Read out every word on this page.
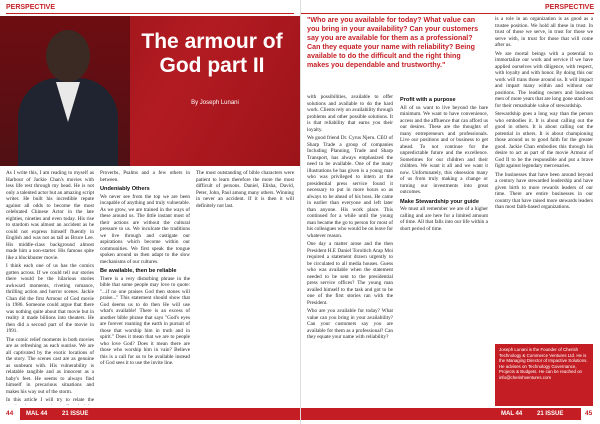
PERSPECTIVE
The armour of God part II
By Joseph Lunani

As I write this, I am reading to myself as Harbour of Jackie Chan's movies with less life rest through my head. He is not only a talented actor but an amazing script writer. He built his incredible repute against all odds to become the most celebrated Chinese Actor in the late eighties, nineties and even today. His rise to stardom was almost an accident as he could not express himself fluently in English and was not as tall as Bruce Lee. His middle-class background almost made him a non-starter. His famous spite like a blockbuster movie.

I think each one of us has the comics gotten across. If we could tell our stories there would be the hilarious stories awkward moments, riveting romance, thrilling action and horror scenes. Jackie Chan did the first Armour of God movie in 1986. Someone could argue that there was nothing quite about that movie but in reality it made billions into theaters. He then did a second part of the movie in 1991.

The comic relief moments in both movies are as refreshing as each sunrise. We are all captivated by the exotic locations of the story. The scenes cast are as genuine as sunbeam with. His vulnerability is relatable tangible and as innocent as a baby's feet. He seems to always find himself in precarious situations and makes his way out of the storm.

In this article I will try to relate the

Proverbs, Psalms and a few others in between.

Undeniably Others

We never see from the top we are been incapable of anything and truly vulnerable. As we grow, we are trained in the ways of these around us. The little instant most of their actions are without the cultural pressure to us. We inculcate the traditions we live through and castigate our aspirations which become within our communities. We first speak the tongue spoken around us then adapt to the slow mechanisms of our cultures.

Be available, then be reliable

There is a very disturbing phrase in the bible that some people may love to quote: "...if no one praises God then stones will praise..." This statement should show that God deems us to do then He will use what's available! There is an excess of another bible phrase that says "God's eyes are forever roaming the earth in pursuit of those that worship him in truth and in spirit." Does it mean that we are to people who love God? Does it mean there are those who worship him in vain? Believe this is a call for us to be available instead of God sees it to use the invite line.

The most outstanding of bible characters were patient to learn therefore the more the most difficult of persons. Daniel, Elisha, David, Peter, John, Paul among many others. Winning in never an accident. If it is then it will definitely not last.

44 MAL 44 21 ISSUE
PERSPECTIVE

"Who are you available for today? What value can you bring in your availability? Can your customers say you are available for them as a professional? Can they equate your name with reliability? Being available to do the difficult and the right thing makes you dependable and trustworthy."

with possibilities, available to offer solutions and available to do the hard work. Clients rely on availability through problems and other possible solutions. It is that reliability that earns you their loyalty.

We good friend Dr. Cyrus Njeru. CEO of Sharp Trade a group of companies Including Planning, Trade and Sharp Transport, has always emphasized the need to be available. One of the many illustrations he has given is a young man who was privileged to intern at the presidential press service found it necessary to put in more hours so as always to be ahead of his boss. He came in earlier than everyone and left later than anyone. His work place. This continued for a while until the young man became the go to person for most of his colleagues who would be on leave for whatever reason.

One day a matter arose and the then President H.E Daniel Toroitich Arap Moi required a statement drawn urgently to be circulated to all media houses. Guess who was available when the statement needed to be sent to the presidential press service offices? The young man availed himself to the task and got to be one of the first stories ran with the President.

Who are you available for today? What value can you bring in your availability? Can your customers say you are available for them as a professional? Can they equate your name with reliability?

Profit with a purpose

All of us want to live beyond the bare minimum. We want to have convenience, access and the affluence that can afford us our desires. These are the thoughts of many entrepreneurs and professionals. Live our positions and or business to get ahead. To not continue for the unpredictable future and the excellence. Sometimes for our children and their children. We want it all and we want it now. Unfortunately, this obsession many of us from truly making a change or turning our investments into great outcomes.

Make Stewardship your guide

We must all remember we are of a higher calling and are here for a limited amount of time. All that falls into our life within a short period of time.

is a role in an organization is as good as a trustee position. We hold all these in trust. In trust of those we serve, in trust for those we serve with, in trust for those that will come after us.

We are mortal beings with a potential to immortalize our work and service if we have applied ourselves with diligence, with respect, with loyalty and with honor. By doing this our work will trans those around us. It will impact and impart many within and without our positions. The leading owners and business men of more years that are long gone stand out for their remarkable value of stewardship.

Stewardship goes a long way than the person who embodies it. It is about calling out the good in others. It is about calling out the potential in others. It is about championing those around us to good faith for the greater good. Jackie Chan embodies this through his desire to act as part of the movie Armour of God II to be the responsible and put a brave fight against legendary mercenaries.

The businesses that have been around beyond a century have stewarded leadership and have given birth to more rewards leaders of our time. There are entire businesses in our country that have raised more stewards leaders than most faith-based organizations.

Joseph Lunani is the Founder of Cherish Technology & Commerce Ventures Ltd. He is the Managing Director of Impactive Solutions. He advises on Technology Governance, Projects & Budgets. He can be reached on info@cherishventures.com
MAL 44 21 ISSUE	45
